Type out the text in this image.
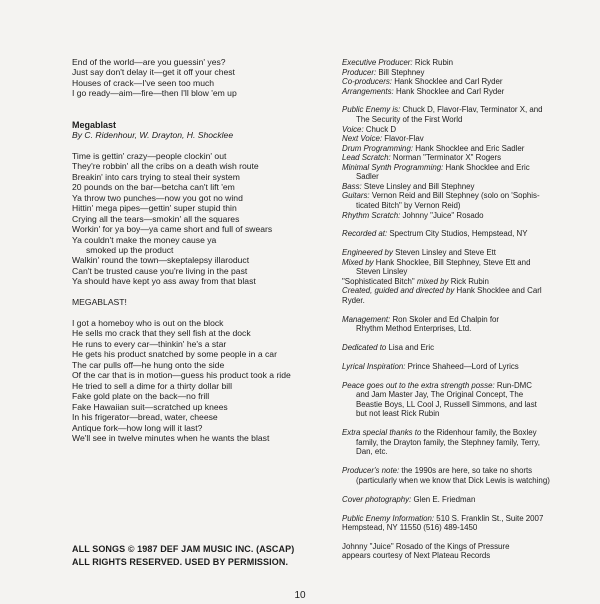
End of the world—are you guessin' yes?
Just say don't delay it—get it off your chest
Houses of crack—I've seen too much
I go ready—aim—fire—then I'll blow 'em up
Megablast
By C. Ridenhour, W. Drayton, H. Shocklee
Time is gettin' crazy—people clockin' out
They're robbin' all the cribs on a death wish route
Breakin' into cars trying to steal their system
20 pounds on the bar—betcha can't lift 'em
Ya throw two punches—now you got no wind
Hittin' mega pipes—gettin' super stupid thin
Crying all the tears—smokin' all the squares
Workin' for ya boy—ya came short and full of swears
Ya couldn't make the money cause ya
smoked up the product
Walkin' round the town—skeptalepsy illaroduct
Can't be trusted cause you're living in the past
Ya should have kept yo ass away from that blast
MEGABLAST!
I got a homeboy who is out on the block
He sells mo crack that they sell fish at the dock
He runs to every car—thinkin' he's a star
He gets his product snatched by some people in a car
The car pulls off—he hung onto the side
Of the car that is in motion—guess his product took a ride
He tried to sell a dime for a thirty dollar bill
Fake gold plate on the back—no frill
Fake Hawaiian suit—scratched up knees
In his frigerator—bread, water, cheese
Antique fork—how long will it last?
We'll see in twelve minutes when he wants the blast
ALL SONGS © 1987 DEF JAM MUSIC INC. (ASCAP)
ALL RIGHTS RESERVED. USED BY PERMISSION.
Executive Producer: Rick Rubin
Producer: Bill Stephney
Co-producers: Hank Shocklee and Carl Ryder
Arrangements: Hank Shocklee and Carl Ryder
Public Enemy is: Chuck D, Flavor-Flav, Terminator X, and
The Security of the First World
Voice: Chuck D
Next Voice: Flavor-Flav
Drum Programming: Hank Shocklee and Eric Sadler
Lead Scratch: Norman "Terminator X" Rogers
Minimal Synth Programming: Hank Shocklee and Eric
Sadler
Bass: Steve Linsley and Bill Stephney
Guitars: Vernon Reid and Bill Stephney (solo on 'Sophis-
ticated Bitch" by Vernon Reid)
Rhythm Scratch: Johnny "Juice" Rosado
Recorded at: Spectrum City Studios, Hempstead, NY
Engineered by Steven Linsley and Steve Ett
Mixed by Hank Shocklee, Bill Stephney, Steve Ett and
Steven Linsley
"Sophisticated Bitch" mixed by Rick Rubin
Created, guided and directed by Hank Shocklee and Carl
Ryder.
Management: Ron Skoler and Ed Chalpin for
Rhythm Method Enterprises, Ltd.
Dedicated to Lisa and Eric
Lyrical Inspiration: Prince Shaheed—Lord of Lyrics
Peace goes out to the extra strength posse: Run-DMC
and Jam Master Jay, The Original Concept, The
Beastie Boys, LL Cool J, Russell Simmons, and last
but not least Rick Rubin
Extra special thanks to the Ridenhour family, the Boxley
family, the Drayton family, the Stephney family, Terry,
Dan, etc.
Producer's note: the 1990s are here, so take no shorts
(particularly when we know that Dick Lewis is watching)
Cover photography: Glen E. Friedman
Public Enemy Information: 510 S. Franklin St., Suite 2007
Hempstead, NY 11550 (516) 489-1450
Johnny "Juice" Rosado of the Kings of Pressure
appears courtesy of Next Plateau Records
10
